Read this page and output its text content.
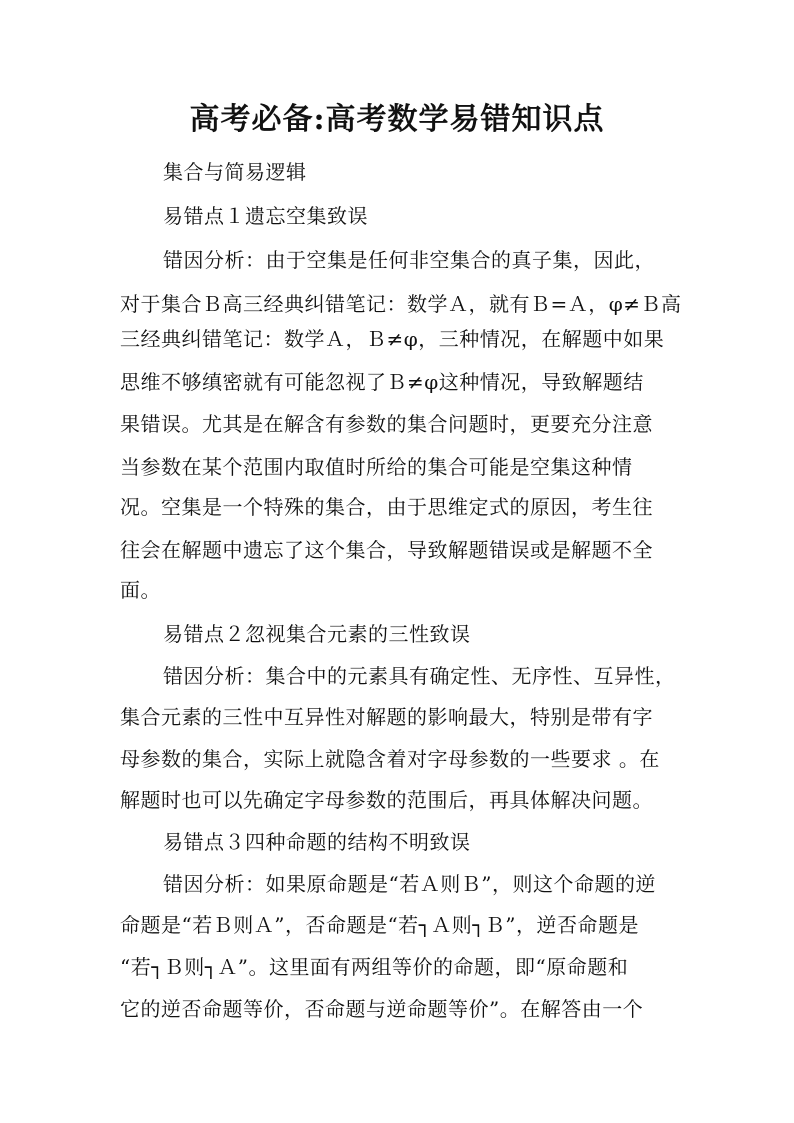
高考必备:高考数学易错知识点
集合与简易逻辑
易错点１遗忘空集致误
错因分析：由于空集是任何非空集合的真子集，因此，
对于集合Ｂ高三经典纠错笔记：数学Ａ，就有Ｂ=Ａ，φ≠Ｂ高
三经典纠错笔记：数学Ａ，Ｂ≠φ，三种情况，在解题中如果
思维不够缜密就有可能忽视了Ｂ≠φ这种情况，导致解题结
果错误。尤其是在解含有参数的集合问题时，更要充分注意
当参数在某个范围内取值时所给的集合可能是空集这种情
况。空集是一个特殊的集合，由于思维定式的原因，考生往
往会在解题中遗忘了这个集合，导致解题错误或是解题不全
面。
易错点２忽视集合元素的三性致误
错因分析：集合中的元素具有确定性、无序性、互异性，
集合元素的三性中互异性对解题的影响最大，特别是带有字
母参数的集合，实际上就隐含着对字母参数的一些要求 。在
解题时也可以先确定字母参数的范围后，再具体解决问题。
易错点３四种命题的结构不明致误
错因分析：如果原命题是“若Ａ则Ｂ”，则这个命题的逆
命题是“若Ｂ则Ａ”，否命题是“若┐Ａ则┐Ｂ”，逆否命题是
“若┐Ｂ则┐Ａ”。这里面有两组等价的命题，即“原命题和
它的逆否命题等价，否命题与逆命题等价”。在解答由一个
